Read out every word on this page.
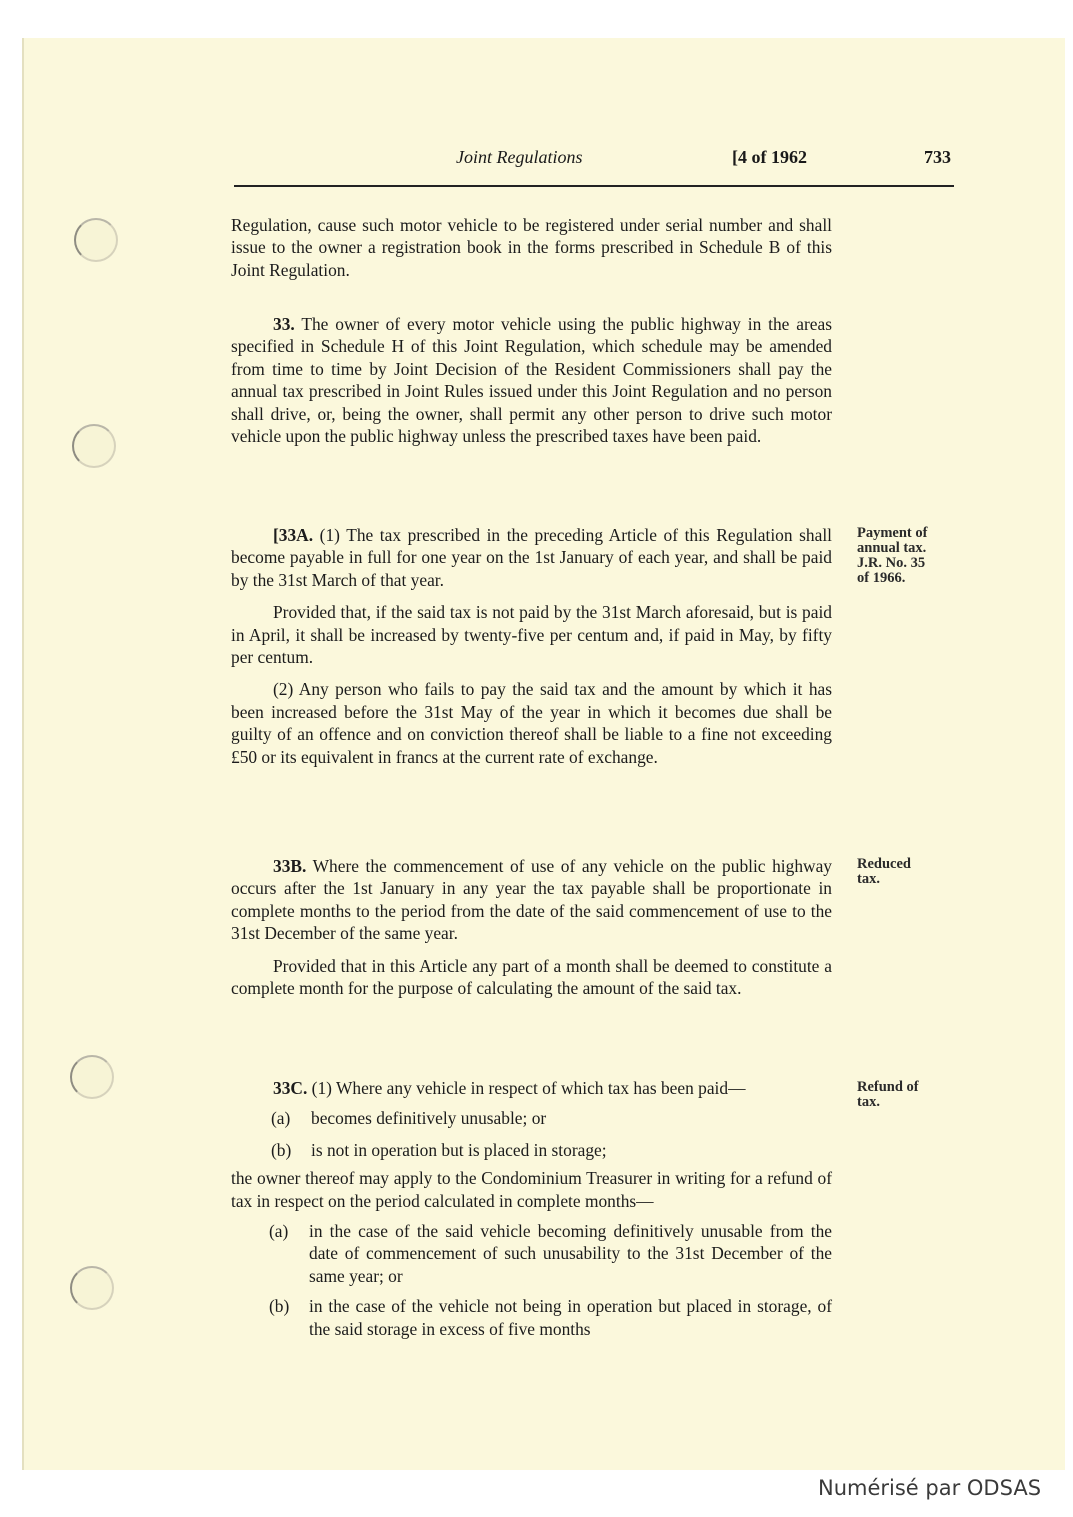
Joint Regulations	[4 of 1962	733

Regulation, cause such motor vehicle to be registered under serial number and shall issue to the owner a registration book in the forms prescribed in Schedule B of this Joint Regulation.

33. The owner of every motor vehicle using the public highway in the areas specified in Schedule H of this Joint Regulation, which schedule may be amended from time to time by Joint Decision of the Resident Commissioners shall pay the annual tax prescribed in Joint Rules issued under this Joint Regulation and no person shall drive, or, being the owner, shall permit any other person to drive such motor vehicle upon the public highway unless the prescribed taxes have been paid.

[33A. (1) The tax prescribed in the preceding Article of this Regulation shall become payable in full for one year on the 1st January of each year, and shall be paid by the 31st March of that year.

Provided that, if the said tax is not paid by the 31st March aforesaid, but is paid in April, it shall be increased by twenty-five per centum and, if paid in May, by fifty per centum.

(2) Any person who fails to pay the said tax and the amount by which it has been increased before the 31st May of the year in which it becomes due shall be guilty of an offence and on conviction thereof shall be liable to a fine not exceeding £50 or its equivalent in francs at the current rate of exchange.

33B. Where the commencement of use of any vehicle on the public highway occurs after the 1st January in any year the tax payable shall be proportionate in complete months to the period from the date of the said commencement of use to the 31st December of the same year.

Provided that in this Article any part of a month shall be deemed to constitute a complete month for the purpose of calculating the amount of the said tax.

33C. (1) Where any vehicle in respect of which tax has been paid—

(a)	becomes definitively unusable; or
(b)	is not in operation but is placed in storage;

the owner thereof may apply to the Condominium Treasurer in writing for a refund of tax in respect on the period calculated in complete months—

(a)	in the case of the said vehicle becoming definitively unusable from the date of commencement of such unusability to the 31st December of the same year; or
(b)	in the case of the vehicle not being in operation but placed in storage, of the said storage in excess of five months
Payment of
annual tax.
J.R. No. 35
of 1966.
Reduced
tax.
Refund of
tax.
Numérisé par ODSAS
